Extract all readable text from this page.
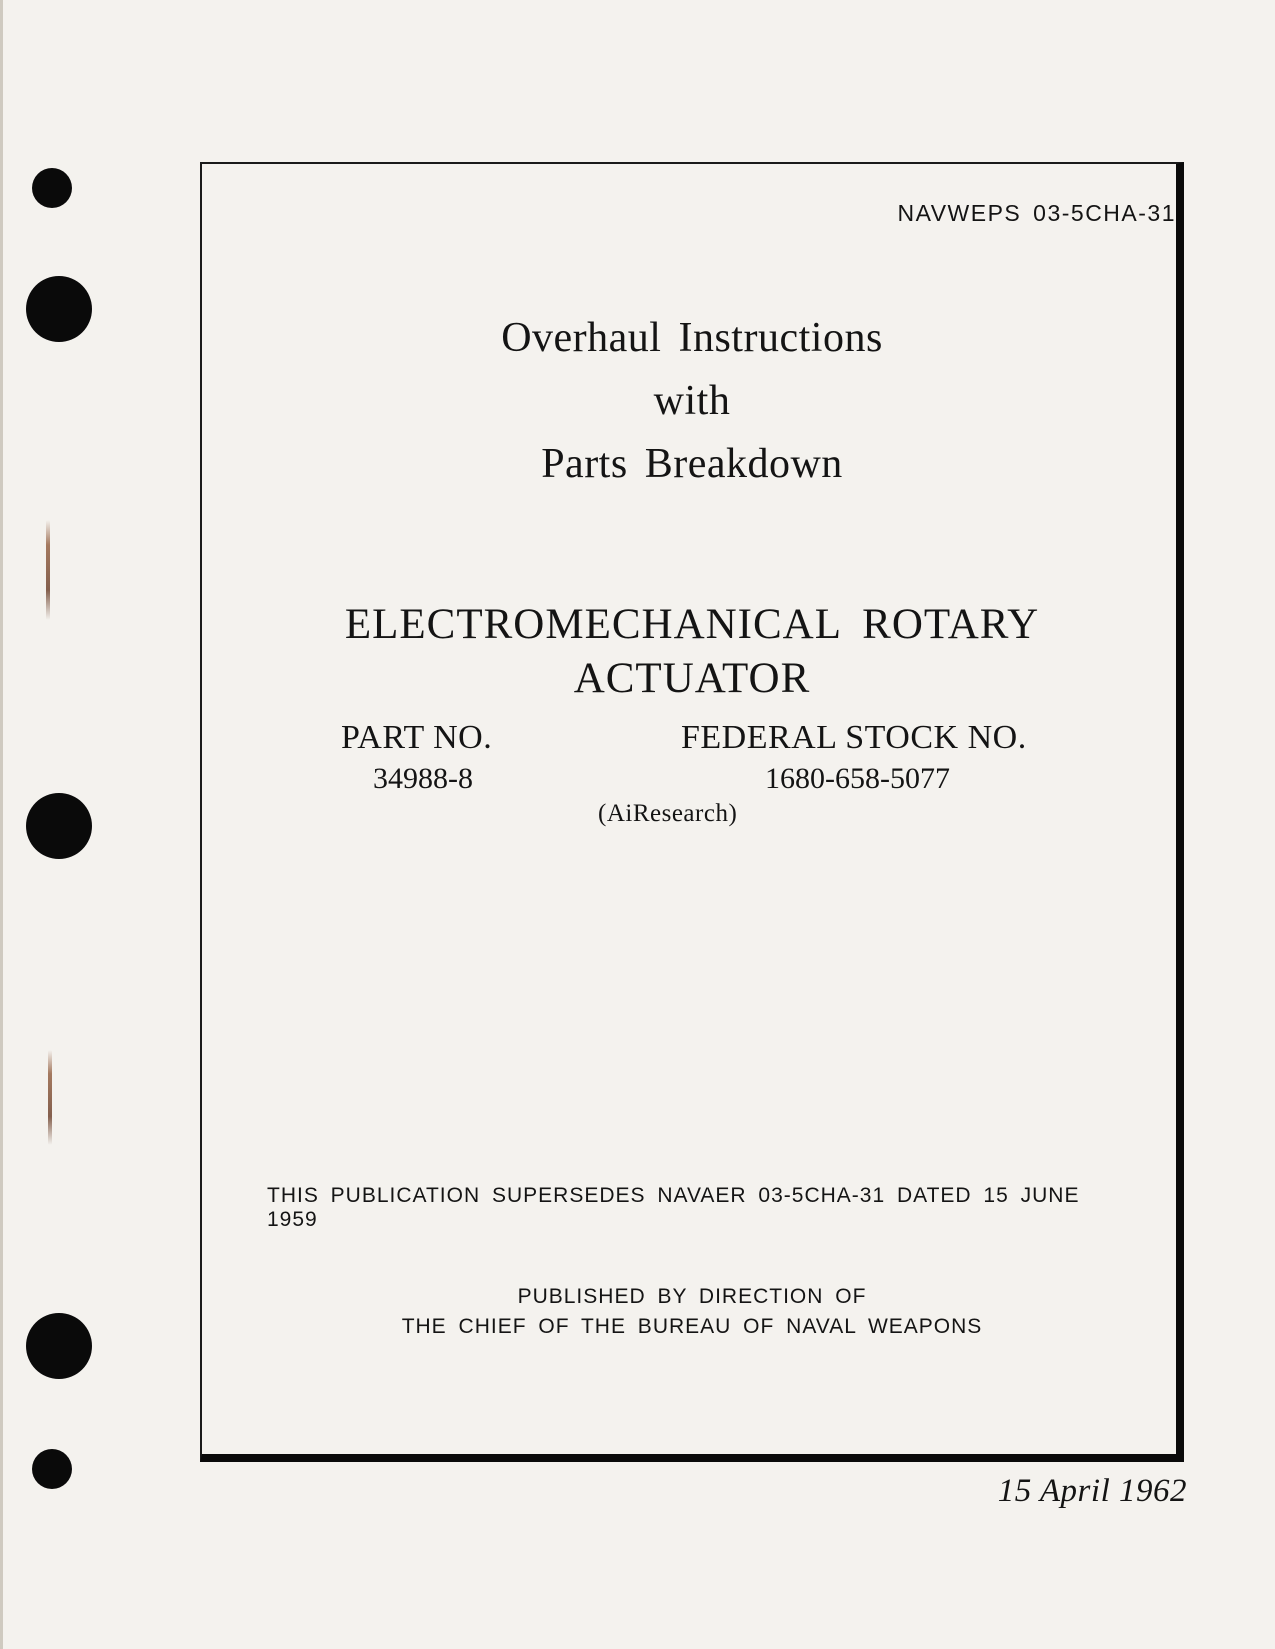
NAVWEPS 03-5CHA-31
Overhaul Instructions
with
Parts Breakdown
ELECTROMECHANICAL ROTARY
ACTUATOR
PART NO.
34988-8
FEDERAL STOCK NO.
1680-658-5077
(AiResearch)
THIS PUBLICATION SUPERSEDES NAVAER 03-5CHA-31 DATED 15 JUNE 1959
PUBLISHED BY DIRECTION OF
THE CHIEF OF THE BUREAU OF NAVAL WEAPONS
15 April 1962
